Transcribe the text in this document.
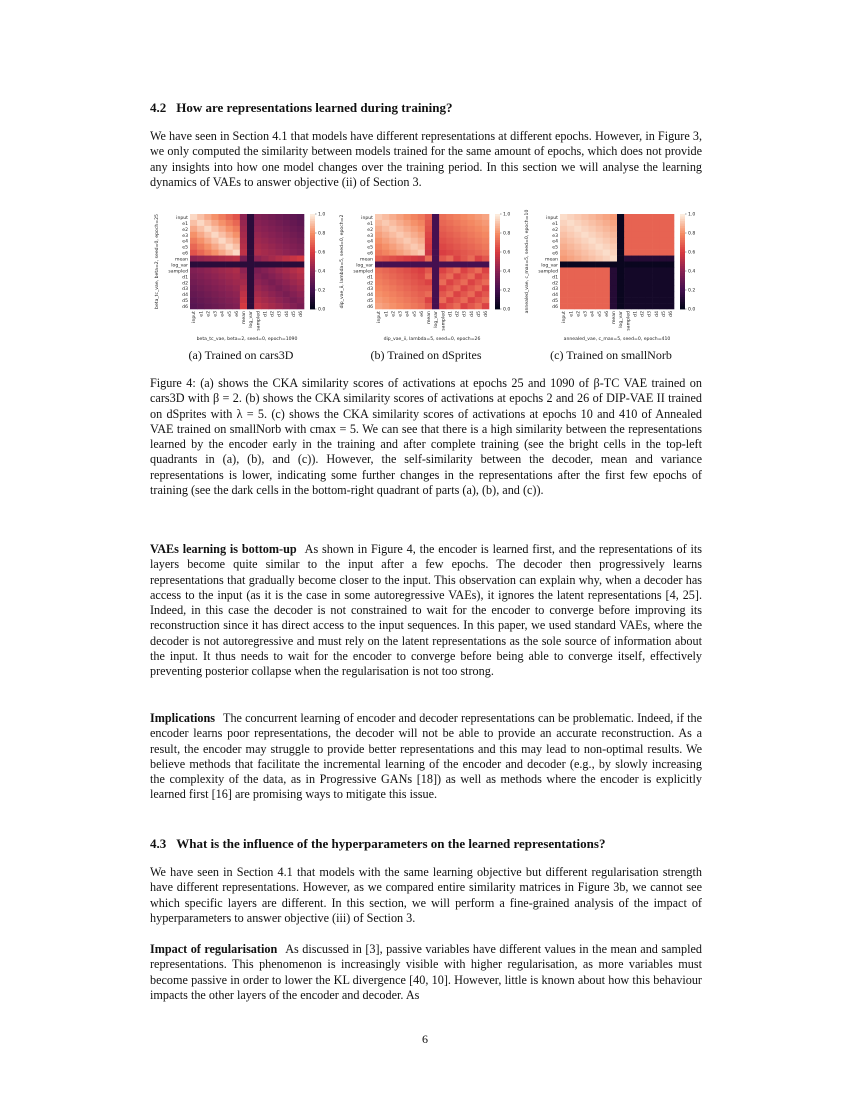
4.2 How are representations learned during training?

We have seen in Section 4.1 that models have different representations at different epochs. However, in Figure 3, we only computed the similarity between models trained for the same amount of epochs, which does not provide any insights into how one model changes over the training period. In this section we will analyse the learning dynamics of VAEs to answer objective (ii) of Section 3.

input
input
e1
e1
e2
e2
e3
e3
e4
e4
e5
e5
e6
e6
mean
mean
log_var
log_var
sampled
sampled
d1
d1
d2
d2
d3
d3
d4
d4
d5
d5
d6
d6
beta_tc_vae, beta=2, seed=0, epoch=25
beta_tc_vae, beta=2, seed=0, epoch=1090
1.0
0.8
0.6
0.4
0.2
0.0
(a) Trained on cars3D
input
input
e1
e1
e2
e2
e3
e3
e4
e4
e5
e5
e6
e6
mean
mean
log_var
log_var
sampled
sampled
d1
d1
d2
d2
d3
d3
d4
d4
d5
d5
d6
d6
dip_vae_ii, lambda=5, seed=0, epoch=2
dip_vae_ii, lambda=5, seed=0, epoch=26
1.0
0.8
0.6
0.4
0.2
0.0
(b) Trained on dSprites
input
input
e1
e1
e2
e2
e3
e3
e4
e4
e5
e5
e6
e6
mean
mean
log_var
log_var
sampled
sampled
d1
d1
d2
d2
d3
d3
d4
d4
d5
d5
d6
d6
annealed_vae, c_max=5, seed=0, epoch=10
annealed_vae, c_max=5, seed=0, epoch=410
1.0
0.8
0.6
0.4
0.2
0.0
(c) Trained on smallNorb

Figure 4: (a) shows the CKA similarity scores of activations at epochs 25 and 1090 of β-TC VAE trained on cars3D with β = 2. (b) shows the CKA similarity scores of activations at epochs 2 and 26 of DIP-VAE II trained on dSprites with λ = 5. (c) shows the CKA similarity scores of activations at epochs 10 and 410 of Annealed VAE trained on smallNorb with cmax = 5. We can see that there is a high similarity between the representations learned by the encoder early in the training and after complete training (see the bright cells in the top-left quadrants in (a), (b), and (c)). However, the self-similarity between the decoder, mean and variance representations is lower, indicating some further changes in the representations after the first few epochs of training (see the dark cells in the bottom-right quadrant of parts (a), (b), and (c)).

VAEs learning is bottom-up As shown in Figure 4, the encoder is learned first, and the representations of its layers become quite similar to the input after a few epochs. The decoder then progressively learns representations that gradually become closer to the input. This observation can explain why, when a decoder has access to the input (as it is the case in some autoregressive VAEs), it ignores the latent representations [4, 25]. Indeed, in this case the decoder is not constrained to wait for the encoder to converge before improving its reconstruction since it has direct access to the input sequences. In this paper, we used standard VAEs, where the decoder is not autoregressive and must rely on the latent representations as the sole source of information about the input. It thus needs to wait for the encoder to converge before being able to converge itself, effectively preventing posterior collapse when the regularisation is not too strong.

Implications The concurrent learning of encoder and decoder representations can be problematic. Indeed, if the encoder learns poor representations, the decoder will not be able to provide an accurate reconstruction. As a result, the encoder may struggle to provide better representations and this may lead to non-optimal results. We believe methods that facilitate the incremental learning of the encoder and decoder (e.g., by slowly increasing the complexity of the data, as in Progressive GANs [18]) as well as methods where the encoder is explicitly learned first [16] are promising ways to mitigate this issue.

4.3 What is the influence of the hyperparameters on the learned representations?

We have seen in Section 4.1 that models with the same learning objective but different regularisation strength have different representations. However, as we compared entire similarity matrices in Figure 3b, we cannot see which specific layers are different. In this section, we will perform a fine-grained analysis of the impact of hyperparameters to answer objective (iii) of Section 3.

Impact of regularisation As discussed in [3], passive variables have different values in the mean and sampled representations. This phenomenon is increasingly visible with higher regularisation, as more variables must become passive in order to lower the KL divergence [40, 10]. However, little is known about how this behaviour impacts the other layers of the encoder and decoder. As

6
